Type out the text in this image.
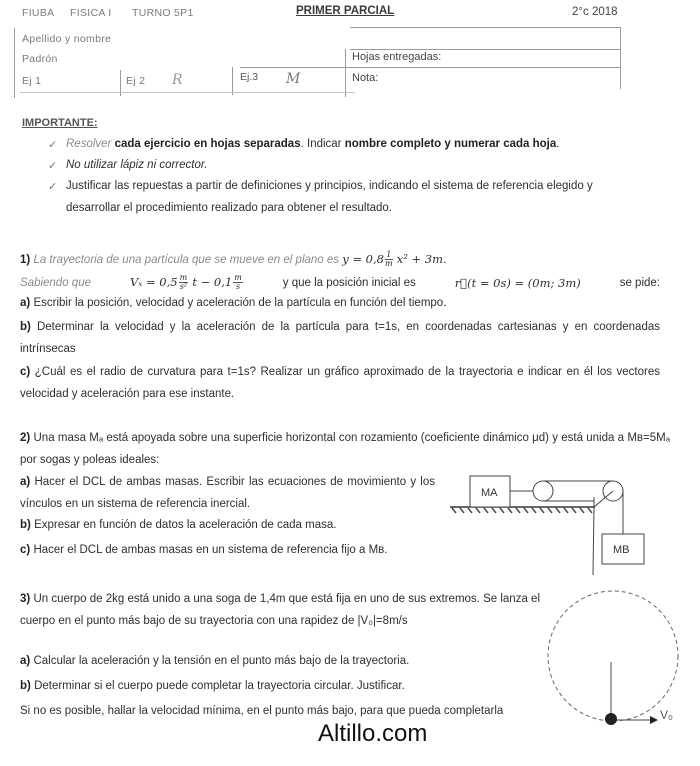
FIUBA FISICA I TURNO 5P1	PRIMER PARCIAL	2°c 2018
Apellido y nombre
Padrón	Hojas entregadas:
Ej 1	Ej 2 R	Ej.3 M	Nota:
IMPORTANTE:
✓ Resolver cada ejercicio en hojas separadas. Indicar nombre completo y numerar cada hoja.
✓ No utilizar lápiz ni corrector.
✓ Justificar las repuestas a partir de definiciones y principios, indicando el sistema de referencia elegido y desarrollar el procedimiento realizado para obtener el resultado.
1) La trayectoria de una partícula que se mueve en el plano es $y = 0,8 \frac{1}{m} x^2 + 3m$.
Sabiendo que	$V_x = 0,5 \frac{m}{\text{s²}}$ $t - 0,1 \frac{m}{s}$	y que la posición inicial es	r⃗(t = 0s) = (0m; 3m)	se pide:
a) Escribir la posición, velocidad y aceleración de la partícula en función del tiempo.
b) Determinar la velocidad y la aceleración de la partícula para t=1s, en coordenadas cartesianas y en coordenadas intrínsecas
c) ¿Cuál es el radio de curvatura para t=1s? Realizar un gráfico aproximado de la trayectoria e indicar en él los vectores velocidad y aceleración para ese instante.
2) Una masa Mₐ está apoyada sobre una superficie horizontal con rozamiento (coeficiente dinámico μd) y está unida a Mʙ=5Mₐ por sogas y poleas ideales:
a) Hacer el DCL de ambas masas. Escribir las ecuaciones de movimiento y los vínculos en un sistema de referencia inercial.
b) Expresar en función de datos la aceleración de cada masa.
c) Hacer el DCL de ambas masas en un sistema de referencia fijo a Mʙ.
MA
MB
3) Un cuerpo de 2kg está unido a una soga de 1,4m que está fija en uno de sus extremos. Se lanza el cuerpo en el punto más bajo de su trayectoria con una rapidez de |V₀|=8m/s
a) Calcular la aceleración y la tensión en el punto más bajo de la trayectoria.
b) Determinar si el cuerpo puede completar la trayectoria circular. Justificar.
Si no es posible, hallar la velocidad mínima, en el punto más bajo, para que pueda completarla	V₀
Altillo.com
